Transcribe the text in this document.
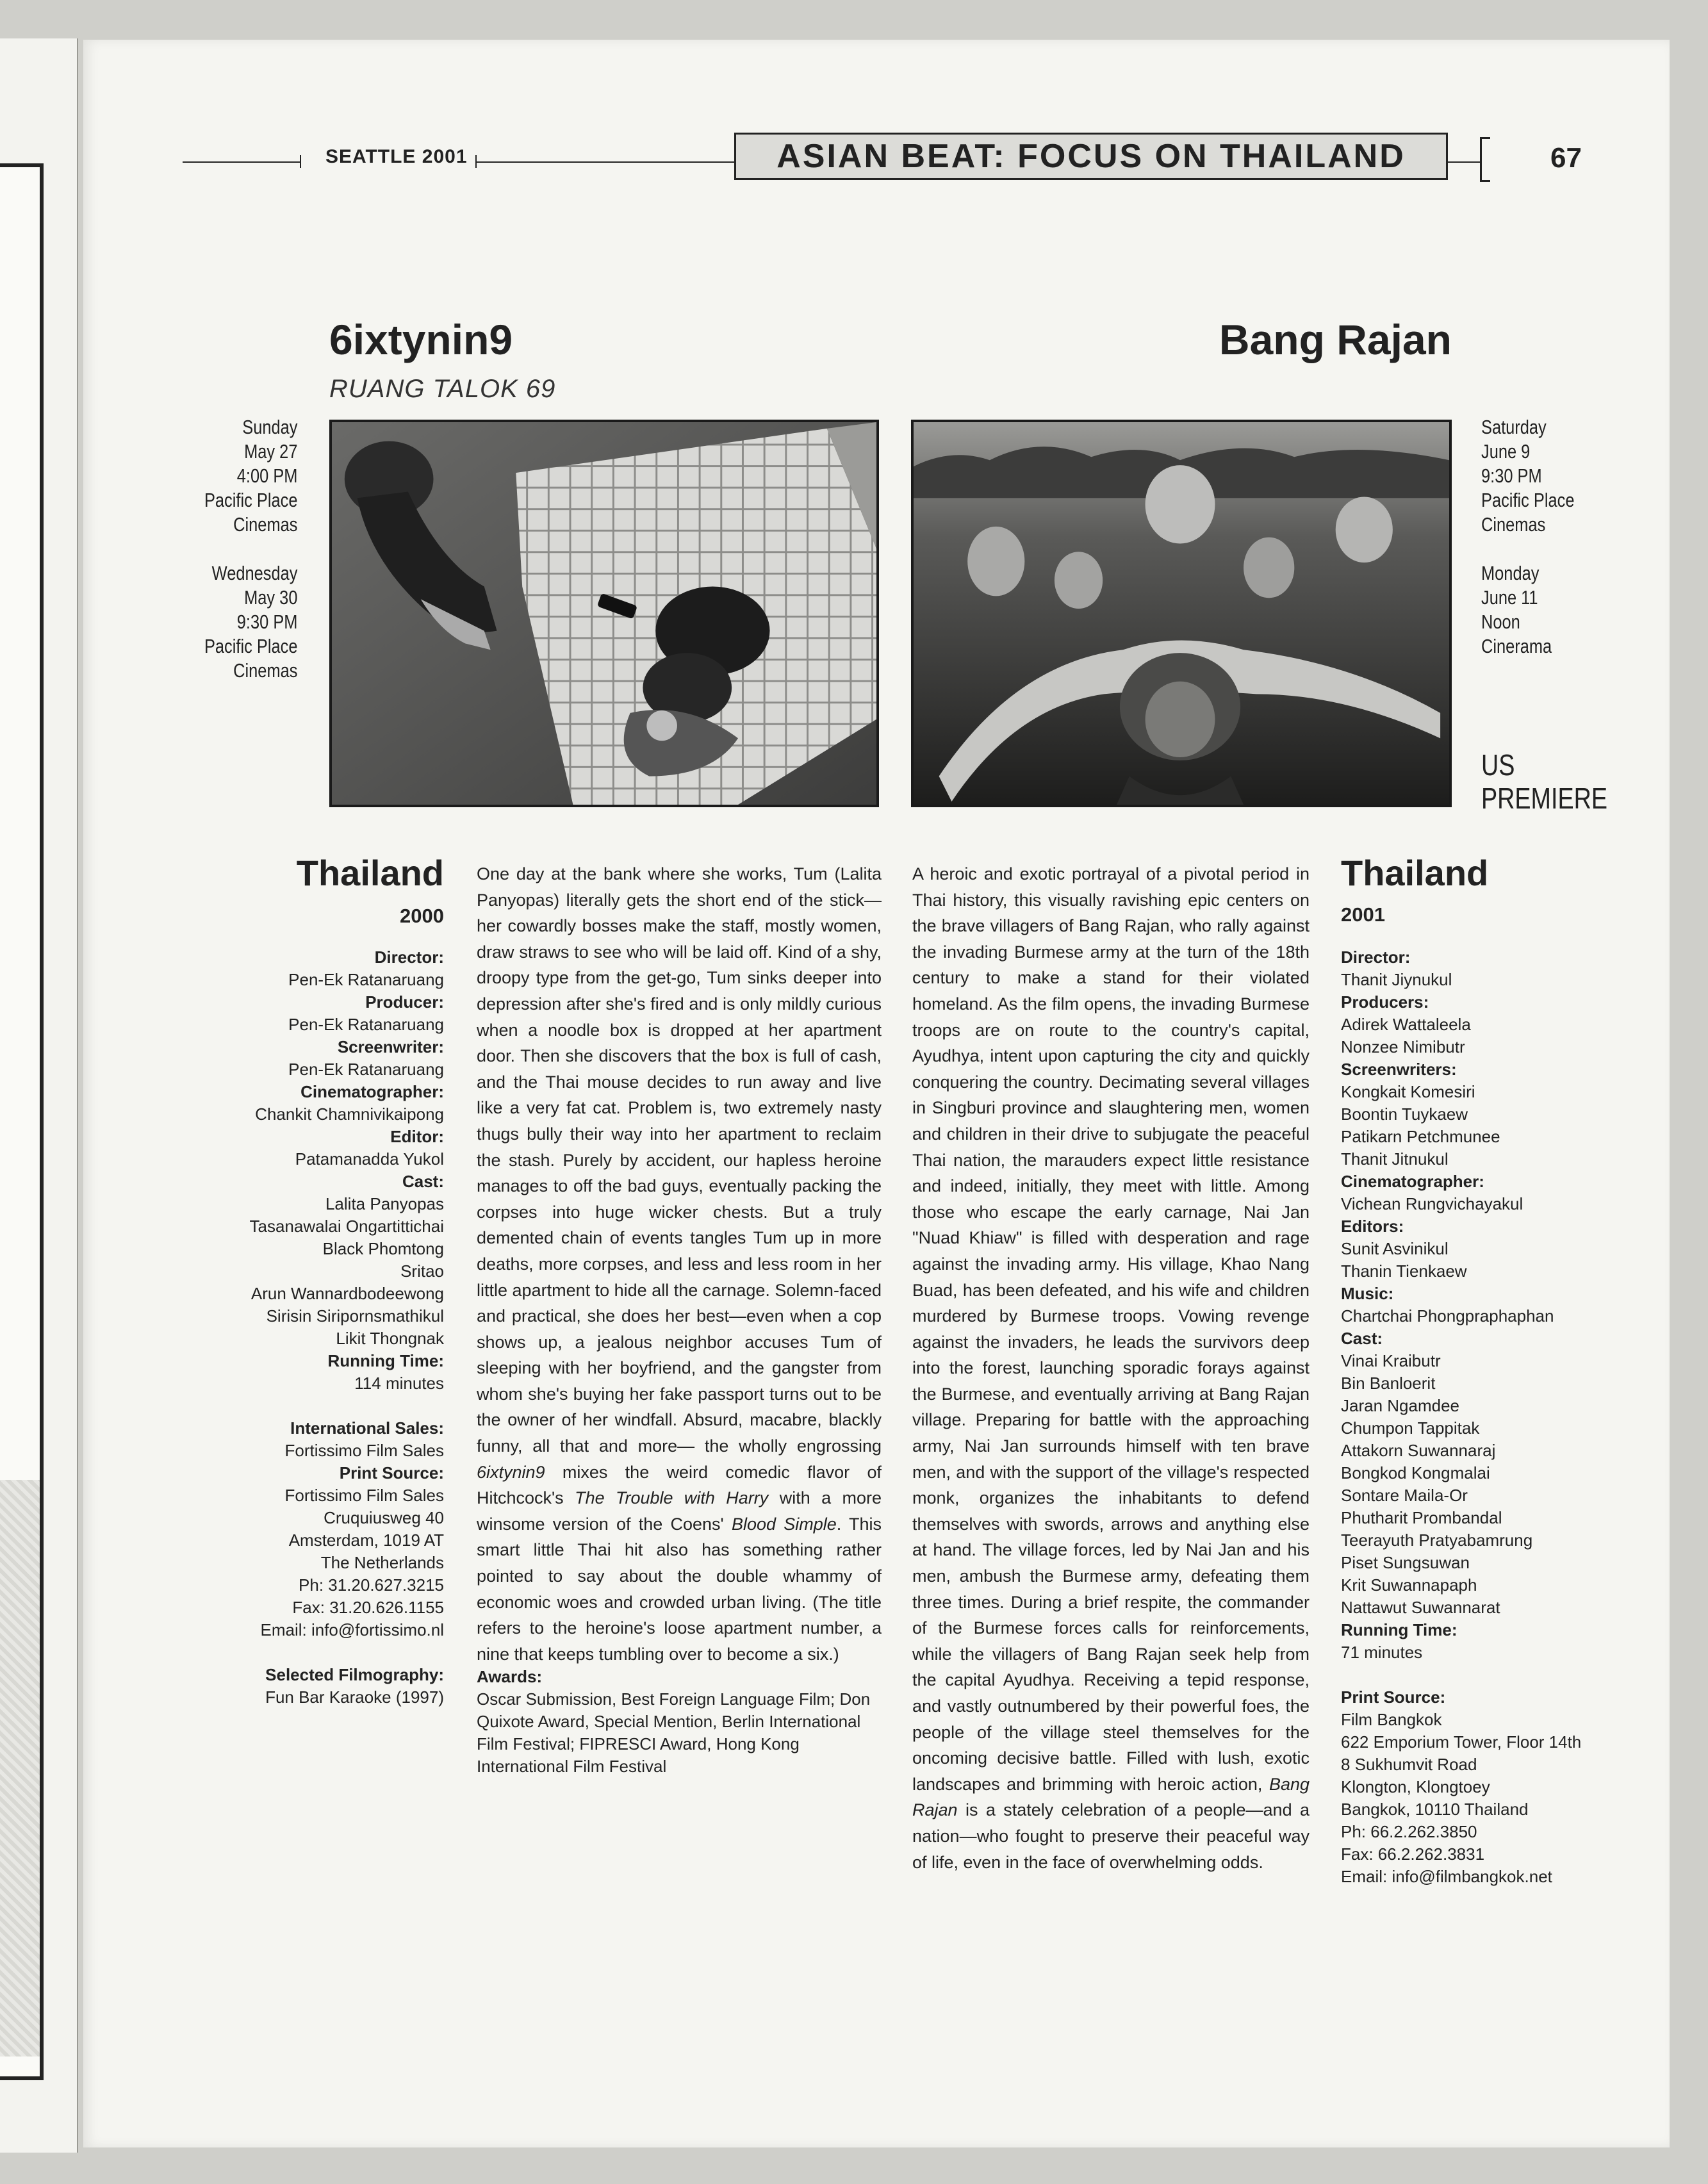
SEATTLE 2001	ASIAN BEAT: FOCUS ON THAILAND	67
6ixtynin9
RUANG TALOK 69
Sunday
May 27
4:00 PM
Pacific Place
Cinemas
Wednesday
May 30
9:30 PM
Pacific Place
Cinemas
Bang Rajan
Saturday
June 9
9:30 PM
Pacific Place
Cinemas
Monday
June 11
Noon
Cinerama
US
PREMIERE
Thailand
2000
Director:
Pen-Ek Ratanaruang
Producer:
Pen-Ek Ratanaruang
Screenwriter:
Pen-Ek Ratanaruang
Cinematographer:
Chankit Chamnivikaipong
Editor:
Patamanadda Yukol
Cast:
Lalita Panyopas
Tasanawalai Ongartittichai
Black Phomtong
Sritao
Arun Wannardbodeewong
Sirisin Siripornsmathikul
Likit Thongnak
Running Time:
114 minutes
International Sales:
Fortissimo Film Sales
Print Source:
Fortissimo Film Sales
Cruquiusweg 40
Amsterdam, 1019 AT
The Netherlands
Ph: 31.20.627.3215
Fax: 31.20.626.1155
Email: info@fortissimo.nl
Selected Filmography:
Fun Bar Karaoke (1997)
One day at the bank where she works, Tum (Lalita Panyopas) literally gets the short end of the stick— her cowardly bosses make the staff, mostly women, draw straws to see who will be laid off. Kind of a shy, droopy type from the get-go, Tum sinks deeper into depression after she's fired and is only mildly curious when a noodle box is dropped at her apartment door. Then she discovers that the box is full of cash, and the Thai mouse decides to run away and live like a very fat cat. Problem is, two extremely nasty thugs bully their way into her apartment to reclaim the stash. Purely by accident, our hapless heroine manages to off the bad guys, eventually packing the corpses into huge wicker chests. But a truly demented chain of events tangles Tum up in more deaths, more corpses, and less and less room in her little apartment to hide all the carnage. Solemn-faced and practical, she does her best—even when a cop shows up, a jealous neighbor accuses Tum of sleeping with her boyfriend, and the gangster from whom she's buying her fake passport turns out to be the owner of her windfall. Absurd, macabre, blackly funny, all that and more— the wholly engrossing 6ixtynin9 mixes the weird comedic flavor of Hitchcock's The Trouble with Harry with a more winsome version of the Coens' Blood Simple. This smart little Thai hit also has something rather pointed to say about the double whammy of economic woes and crowded urban living. (The title refers to the heroine's loose apartment number, a nine that keeps tumbling over to become a six.)
Awards:
Oscar Submission, Best Foreign Language Film; Don Quixote Award, Special Mention, Berlin International Film Festival; FIPRESCI Award, Hong Kong International Film Festival
A heroic and exotic portrayal of a pivotal period in Thai history, this visually ravishing epic centers on the brave villagers of Bang Rajan, who rally against the invading Burmese army at the turn of the 18th century to make a stand for their violated homeland. As the film opens, the invading Burmese troops are on route to the country's capital, Ayudhya, intent upon capturing the city and quickly conquering the country. Decimating several villages in Singburi province and slaughtering men, women and children in their drive to subjugate the peaceful Thai nation, the marauders expect little resistance and indeed, initially, they meet with little. Among those who escape the early carnage, Nai Jan "Nuad Khiaw" is filled with desperation and rage against the invading army. His village, Khao Nang Buad, has been defeated, and his wife and children murdered by Burmese troops. Vowing revenge against the invaders, he leads the survivors deep into the forest, launching sporadic forays against the Burmese, and eventually arriving at Bang Rajan village. Preparing for battle with the approaching army, Nai Jan surrounds himself with ten brave men, and with the support of the village's respected monk, organizes the inhabitants to defend themselves with swords, arrows and anything else at hand. The village forces, led by Nai Jan and his men, ambush the Burmese army, defeating them three times. During a brief respite, the commander of the Burmese forces calls for reinforcements, while the villagers of Bang Rajan seek help from the capital Ayudhya. Receiving a tepid response, and vastly outnumbered by their powerful foes, the people of the village steel themselves for the oncoming decisive battle. Filled with lush, exotic landscapes and brimming with heroic action, Bang Rajan is a stately celebration of a people—and a nation—who fought to preserve their peaceful way of life, even in the face of overwhelming odds.
Thailand
2001
Director:
Thanit Jiynukul
Producers:
Adirek Wattaleela
Nonzee Nimibutr
Screenwriters:
Kongkait Komesiri
Boontin Tuykaew
Patikarn Petchmunee
Thanit Jitnukul
Cinematographer:
Vichean Rungvichayakul
Editors:
Sunit Asvinikul
Thanin Tienkaew
Music:
Chartchai Phongpraphaphan
Cast:
Vinai Kraibutr
Bin Banloerit
Jaran Ngamdee
Chumpon Tappitak
Attakorn Suwannaraj
Bongkod Kongmalai
Sontare Maila-Or
Phutharit Prombandal
Teerayuth Pratyabamrung
Piset Sungsuwan
Krit Suwannapaph
Nattawut Suwannarat
Running Time:
71 minutes
Print Source:
Film Bangkok
622 Emporium Tower, Floor 14th
8 Sukhumvit Road
Klongton, Klongtoey
Bangkok, 10110 Thailand
Ph: 66.2.262.3850
Fax: 66.2.262.3831
Email: info@filmbangkok.net
